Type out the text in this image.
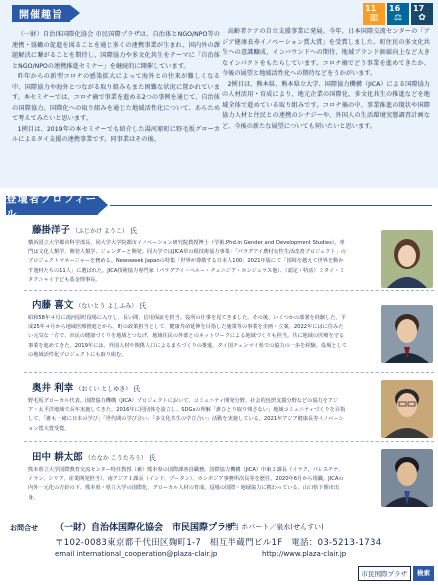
開催趣旨
11
▥
16
⚖
17
✿

（一財）自治体国際化協会 市民国際プラザは、自治体とNGO/NPO等の連携・協働の促進を図ることを通じ多くの連携事業が生まれ、国内外の課題解決に繋がることを期待し、国際協力や多文化共生をテーマに「自治体とNGO/NPOの連携推進セミナー」を継続的に開催しています。

昨年からの新型コロナの感染拡大によって海外との往来が難しくなる中、国際協力や海外とつながる取り組みもまた困難な状況に置かれています。本セミナーでは、コロナ禍で事業を進める2つの事例を通じて、自治体の国際協力、国際化への取り組みを通じた地域活性化について、あらためて考えてみたいと思います。

1例目は、2019年の本セミナーでも紹介した湯河原町に野毛坂グローカルによるタイ支援の連携事業です。同事業はその後、

高齢者ケアの自立支援事業に発展。今年、日本国際交流センターの「アジア健康長寿イノベーション賞大賞」を受賞しました。町住民の多文化共生への意識醸成、インバウンドへの期待、地域ブランド価値向上など大きなインパクトをもたらしています。コロナ禍でどう事業を進めてきたか、今後の展望と地域活性化への期待などをうかがいます。

2例目は、熊本県、熊本県立大学、国際協力機構（JICA）による国際協力の人材活用・育成により、地元企業の国際化、多文化共生の推進などを地域全体で進めている取り組みです。コロナ禍の中、事業推進の現状や国際協力人材と住民との連携のシナジーや、外国人の生活環境実態調査計画など、今後の新たな展望についても伺いたいと思います。

登壇者プロフィール
藤掛洋子 （ふじかけ ようこ） 氏
横浜国立大学都市科学部長、同大学大学院都市イノベーション研究院教授博士（学術,Phd.in Gender and Development Studies）。専門は文化人類学、開発人類学、ジェンダーと開発。同大学ではJICA草の根技術協力事業：「パラグアイ農村女性生活改善プロジェクト」のプロジェクトマネージャーを務める。Newsweek Japanの特集「世界が尊敬する日本人100」2021年版にて「国境を越えて世界を動かす逸材たちの11人」に選ばれた。JICA技術協力専門家（パラグアイ・ペルー・チュニジア・ホンジュラス他）、（認定・特活）ミタイ・ミタクニャイ子ども基金理事長。
内藤 喜文 （ないとう よしふみ） 氏
昭和58年４月に湯河原町役場に入庁し、長い間、信用保証を担当。役所の仕事を見てきました。その後、いくつかの部署を経験した。平成25年４月から地域医療推進とから、町の政策担当として、健康寿命延伸を目指した施策等の事業を企画・立案。2022年にはに住みたい元気な一方で、市民の健康づくりを地域とつなげ、地域住民の外部とのネットワークによる地域づくりも担当。共に地域の医療を守る事業を進めてきた。2019年には、外国人材や関係人口によるまちづくりの推進、タイ国チェンマイ県での協力の一歩を経験。役場としての地域活性化プロジェクトにも取り組む。
奥井 利幸 （おくい としゆき） 氏
野毛坂グローカル代表。国際協力機構（JICA）プロジェクトにおいて、コミュニティ開発分野、社会的包摂支援分野などの協力をアジア・太平洋地域で長年実施してきた。2016年に同団体を設立し、SDGsの理解「誰ひとり取り残さない」地域コミュニティづくりを目指して、「誰も一緒に日本の学び」「世代間の学び合い」「多文化共生の学び合い」活動を実施している。2021年アジア健康長寿イノベーション賞大賞受賞。
田中 耕太郎 （たなか こうたろう） 氏
熊本県立大学国際教育交流センター特任教授（兼）熊本県の国際課客員職務。国際協力機構（JICA）中東２課長（イラク、パレスチナ、イラン、シリア、産業開発担当）、南アジア１課長（インド、ブータン）、カンボジア事務所次長等を歴任。2020年6月から現職。JICAの内外一元化の方針の下、熊本県・県立大学の国際化、グローカル人材の育成、役場の国際・地域協力に携わっている。山口県下関市出身。
お問合せ （一財）自治体国際化協会　市民国際プラザ
担当 ホパート／泉水(せんすい)
〒102-0083東京都千代田区麹町1-7　相互半蔵門ビル1F　電話：03-5213-1734
email international_cooperation@plaza-clair.jp	http://www.plaza-clair.jp
市民国際プラザ	検索
